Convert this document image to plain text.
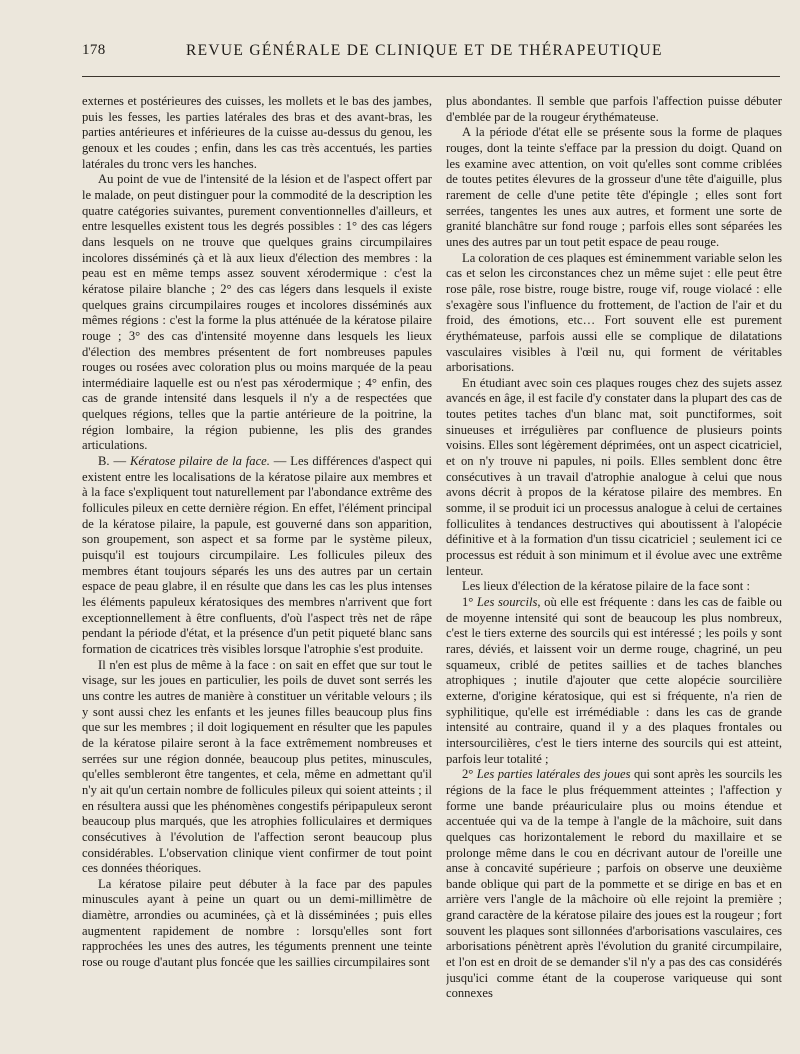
178	REVUE GÉNÉRALE DE CLINIQUE ET DE THÉRAPEUTIQUE

externes et postérieures des cuisses, les mollets et le bas des jambes, puis les fesses, les parties latérales des bras et des avant-bras, les parties antérieures et inférieures de la cuisse au-dessus du genou, les genoux et les coudes ; enfin, dans les cas très accentués, les parties latérales du tronc vers les hanches.

Au point de vue de l'intensité de la lésion et de l'aspect offert par le malade, on peut distinguer pour la commodité de la description les quatre catégories suivantes, purement conventionnelles d'ailleurs, et entre lesquelles existent tous les degrés possibles : 1° des cas légers dans lesquels on ne trouve que quelques grains circumpilaires incolores disséminés çà et là aux lieux d'élection des membres : la peau est en même temps assez souvent xérodermique : c'est la kératose pilaire blanche ; 2° des cas légers dans lesquels il existe quelques grains circumpilaires rouges et incolores disséminés aux mêmes régions : c'est la forme la plus atténuée de la kératose pilaire rouge ; 3° des cas d'intensité moyenne dans lesquels les lieux d'élection des membres présentent de fort nombreuses papules rouges ou rosées avec coloration plus ou moins marquée de la peau intermédiaire laquelle est ou n'est pas xérodermique ; 4° enfin, des cas de grande intensité dans lesquels il n'y a de respectées que quelques régions, telles que la partie antérieure de la poitrine, la région lombaire, la région pubienne, les plis des grandes articulations.

B. — Kératose pilaire de la face. — Les différences d'aspect qui existent entre les localisations de la kératose pilaire aux membres et à la face s'expliquent tout naturellement par l'abondance extrême des follicules pileux en cette dernière région. En effet, l'élément principal de la kératose pilaire, la papule, est gouverné dans son apparition, son groupement, son aspect et sa forme par le système pileux, puisqu'il est toujours circumpilaire. Les follicules pileux des membres étant toujours séparés les uns des autres par un certain espace de peau glabre, il en résulte que dans les cas les plus intenses les éléments papuleux kératosiques des membres n'arrivent que fort exceptionnellement à être confluents, d'où l'aspect très net de râpe pendant la période d'état, et la présence d'un petit piqueté blanc sans formation de cicatrices très visibles lorsque l'atrophie s'est produite.

Il n'en est plus de même à la face : on sait en effet que sur tout le visage, sur les joues en particulier, les poils de duvet sont serrés les uns contre les autres de manière à constituer un véritable velours ; ils y sont aussi chez les enfants et les jeunes filles beaucoup plus fins que sur les membres ; il doit logiquement en résulter que les papules de la kératose pilaire seront à la face extrêmement nombreuses et serrées sur une région donnée, beaucoup plus petites, minuscules, qu'elles sembleront être tangentes, et cela, même en admettant qu'il n'y ait qu'un certain nombre de follicules pileux qui soient atteints ; il en résultera aussi que les phénomènes congestifs péripapuleux seront beaucoup plus marqués, que les atrophies folliculaires et dermiques consécutives à l'évolution de l'affection seront beaucoup plus considérables. L'observation clinique vient confirmer de tout point ces données théoriques.

La kératose pilaire peut débuter à la face par des papules minuscules ayant à peine un quart ou un demi-millimètre de diamètre, arrondies ou acuminées, çà et là disséminées ; puis elles augmentent rapidement de nombre : lorsqu'elles sont fort rapprochées les unes des autres, les téguments prennent une teinte rose ou rouge d'autant plus foncée que les saillies circumpilaires sont

plus abondantes. Il semble que parfois l'affection puisse débuter d'emblée par de la rougeur érythémateuse.

A la période d'état elle se présente sous la forme de plaques rouges, dont la teinte s'efface par la pression du doigt. Quand on les examine avec attention, on voit qu'elles sont comme criblées de toutes petites élevures de la grosseur d'une tête d'aiguille, plus rarement de celle d'une petite tête d'épingle ; elles sont fort serrées, tangentes les unes aux autres, et forment une sorte de granité blanchâtre sur fond rouge ; parfois elles sont séparées les unes des autres par un tout petit espace de peau rouge.

La coloration de ces plaques est éminemment variable selon les cas et selon les circonstances chez un même sujet : elle peut être rose pâle, rose bistre, rouge bistre, rouge vif, rouge violacé : elle s'exagère sous l'influence du frottement, de l'action de l'air et du froid, des émotions, etc… Fort souvent elle est purement érythémateuse, parfois aussi elle se complique de dilatations vasculaires visibles à l'œil nu, qui forment de véritables arborisations.

En étudiant avec soin ces plaques rouges chez des sujets assez avancés en âge, il est facile d'y constater dans la plupart des cas de toutes petites taches d'un blanc mat, soit punctiformes, soit sinueuses et irrégulières par confluence de plusieurs points voisins. Elles sont légèrement déprimées, ont un aspect cicatriciel, et on n'y trouve ni papules, ni poils. Elles semblent donc être consécutives à un travail d'atrophie analogue à celui que nous avons décrit à propos de la kératose pilaire des membres. En somme, il se produit ici un processus analogue à celui de certaines folliculites à tendances destructives qui aboutissent à l'alopécie définitive et à la formation d'un tissu cicatriciel ; seulement ici ce processus est réduit à son minimum et il évolue avec une extrême lenteur.

Les lieux d'élection de la kératose pilaire de la face sont :

1° Les sourcils, où elle est fréquente : dans les cas de faible ou de moyenne intensité qui sont de beaucoup les plus nombreux, c'est le tiers externe des sourcils qui est intéressé ; les poils y sont rares, déviés, et laissent voir un derme rouge, chagriné, un peu squameux, criblé de petites saillies et de taches blanches atrophiques ; inutile d'ajouter que cette alopécie sourcilière externe, d'origine kératosique, qui est si fréquente, n'a rien de syphilitique, qu'elle est irrémédiable : dans les cas de grande intensité au contraire, quand il y a des plaques frontales ou intersourcilières, c'est le tiers interne des sourcils qui est atteint, parfois leur totalité ;

2° Les parties latérales des joues qui sont après les sourcils les régions de la face le plus fréquemment atteintes ; l'affection y forme une bande préauriculaire plus ou moins étendue et accentuée qui va de la tempe à l'angle de la mâchoire, suit dans quelques cas horizontalement le rebord du maxillaire et se prolonge même dans le cou en décrivant autour de l'oreille une anse à concavité supérieure ; parfois on observe une deuxième bande oblique qui part de la pommette et se dirige en bas et en arrière vers l'angle de la mâchoire où elle rejoint la première ; grand caractère de la kératose pilaire des joues est la rougeur ; fort souvent les plaques sont sillonnées d'arborisations vasculaires, ces arborisations pénètrent après l'évolution du granité circumpilaire, et l'on est en droit de se demander s'il n'y a pas des cas considérés jusqu'ici comme étant de la couperose variqueuse qui sont connexes
